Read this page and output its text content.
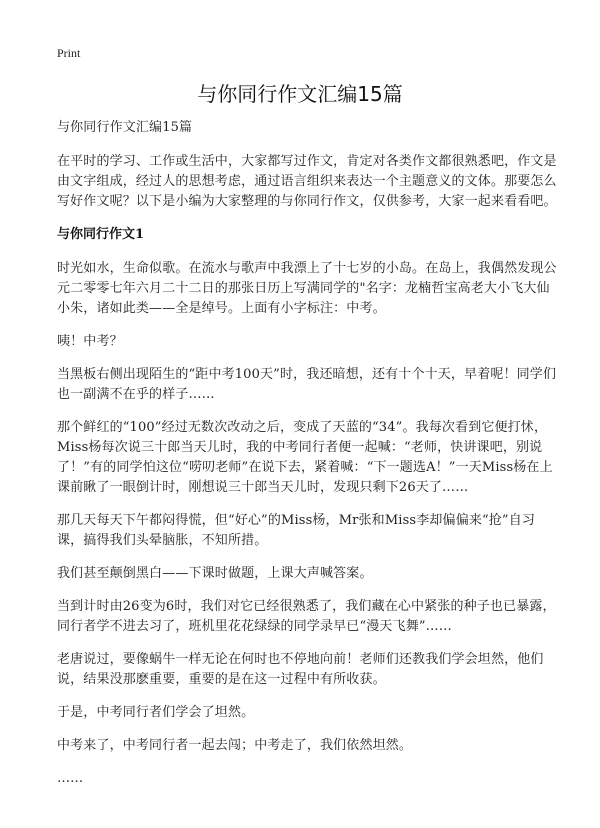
Print
与你同行作文汇编15篇

与你同行作文汇编15篇

在平时的学习、工作或生活中，大家都写过作文，肯定对各类作文都很熟悉吧，作文是由文字组成，经过人的思想考虑，通过语言组织来表达一个主题意义的文体。那要怎么写好作文呢？以下是小编为大家整理的与你同行作文，仅供参考，大家一起来看看吧。

与你同行作文1

时光如水，生命似歌。在流水与歌声中我漂上了十七岁的小岛。在岛上，我偶然发现公元二零零七年六月二十二日的那张日历上写满同学的"名字：龙楠哲宝高老大小飞大仙小朱，诸如此类——全是绰号。上面有小字标注：中考。

咦！中考？

当黑板右侧出现陌生的“距中考100天”时，我还暗想，还有十个十天，早着呢！同学们也一副满不在乎的样子……

那个鲜红的“100”经过无数次改动之后，变成了天蓝的“34”。我每次看到它便打怵，Miss杨每次说三十郎当天儿时，我的中考同行者便一起喊：“老师，快讲课吧，别说了！”有的同学怕这位“唠叨老师”在说下去，紧着喊：“下一题选A！”一天Miss杨在上课前瞅了一眼倒计时，刚想说三十郎当天儿时，发现只剩下26天了……

那几天每天下午都闷得慌，但“好心”的Miss杨，Mr张和Miss李却偏偏来“抢”自习课，搞得我们头晕脑胀，不知所措。

我们甚至颠倒黑白——下课时做题，上课大声喊答案。

当到计时由26变为6时，我们对它已经很熟悉了，我们藏在心中紧张的种子也已暴露，同行者学不进去习了，班机里花花绿绿的同学录早已“漫天飞舞”……

老唐说过，要像蜗牛一样无论在何时也不停地向前！老师们还教我们学会坦然，他们说，结果没那麽重要，重要的是在这一过程中有所收获。

于是，中考同行者们学会了坦然。

中考来了，中考同行者一起去闯；中考走了，我们依然坦然。

……
